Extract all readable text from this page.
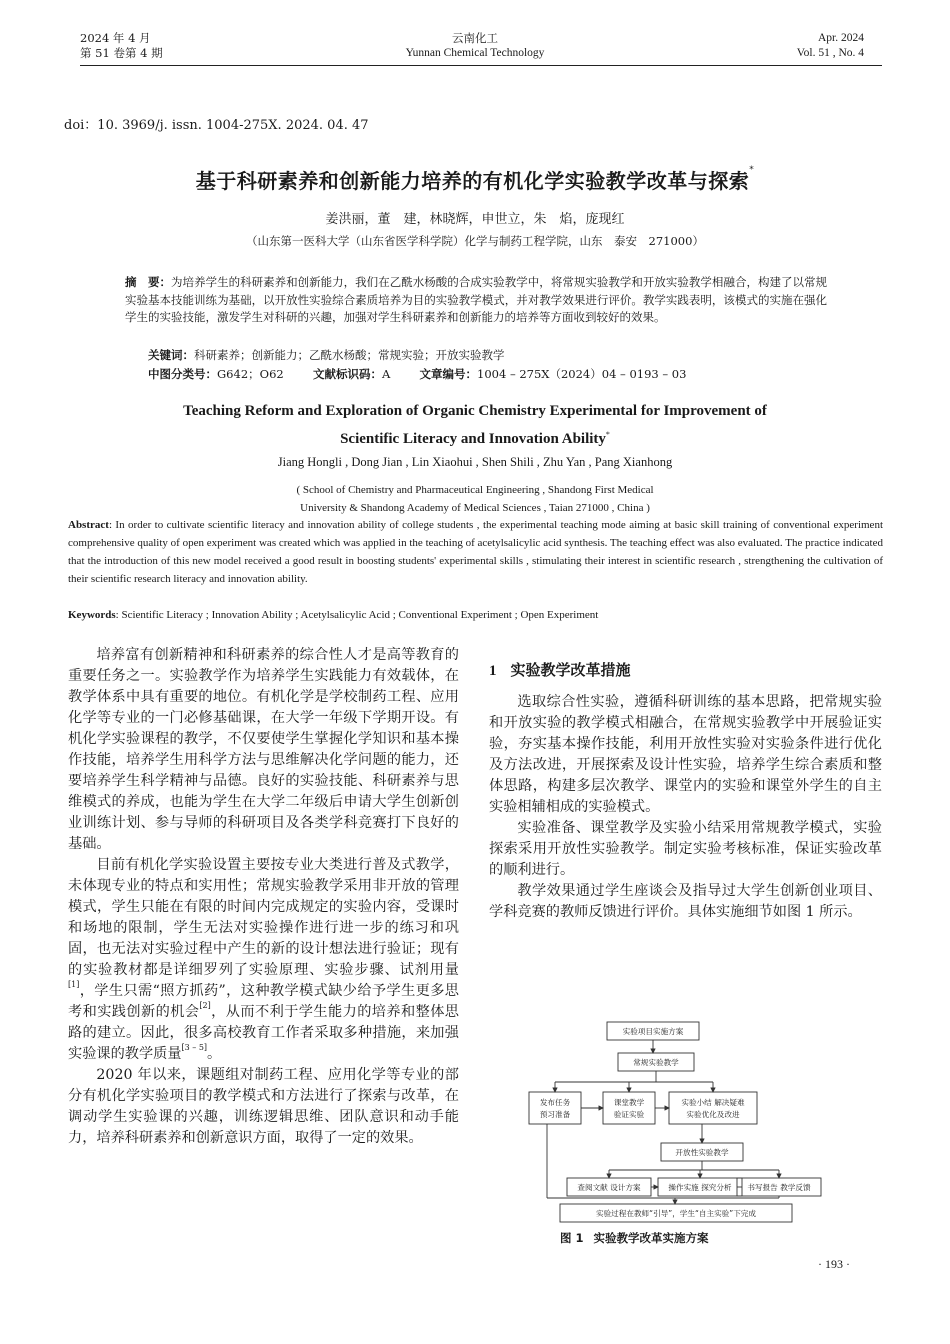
2024 年 4 月
第 51 卷第 4 期
云南化工
Yunnan Chemical Technology
Apr. 2024
Vol. 51 , No. 4
doi：10. 3969/j. issn. 1004-275X. 2024. 04. 47
基于科研素养和创新能力培养的有机化学实验教学改革与探索*
姜洪丽，董　建，林晓辉，申世立，朱　焰，庞现红
（山东第一医科大学（山东省医学科学院）化学与制药工程学院，山东　泰安　271000）
摘　要：为培养学生的科研素养和创新能力，我们在乙酰水杨酸的合成实验教学中，将常规实验教学和开放实验教学相融合，构建了以常规实验基本技能训练为基础，以开放性实验综合素质培养为目的实验教学模式，并对教学效果进行评价。教学实践表明，该模式的实施在强化学生的实验技能，激发学生对科研的兴趣，加强对学生科研素养和创新能力的培养等方面收到较好的效果。
关键词：科研素养；创新能力；乙酰水杨酸；常规实验；开放实验教学
中图分类号：G642；O62	文献标识码：A	文章编号：1004 – 275X（2024）04 – 0193 – 03
Teaching Reform and Exploration of Organic Chemistry Experimental for Improvement of Scientific Literacy and Innovation Ability*
Jiang Hongli , Dong Jian , Lin Xiaohui , Shen Shili , Zhu Yan , Pang Xianhong
( School of Chemistry and Pharmaceutical Engineering , Shandong First Medical
University & Shandong Academy of Medical Sciences , Taian 271000 , China )
Abstract: In order to cultivate scientific literacy and innovation ability of college students , the experimental teaching mode aiming at basic skill training of conventional experiment comprehensive quality of open experiment was created which was applied in the teaching of acetylsalicylic acid synthesis. The teaching effect was also evaluated. The practice indicated that the introduction of this new model received a good result in boosting students' experimental skills , stimulating their interest in scientific research , strengthening the cultivation of their scientific research literacy and innovation ability.
Keywords: Scientific Literacy ; Innovation Ability ; Acetylsalicylic Acid ; Conventional Experiment ; Open Experiment

培养富有创新精神和科研素养的综合性人才是高等教育的重要任务之一。实验教学作为培养学生实践能力有效载体，在教学体系中具有重要的地位。有机化学是学校制药工程、应用化学等专业的一门必修基础课，在大学一年级下学期开设。有机化学实验课程的教学，不仅要使学生掌握化学知识和基本操作技能，培养学生用科学方法与思维解决化学问题的能力，还要培养学生科学精神与品德。良好的实验技能、科研素养与思维模式的养成，也能为学生在大学二年级后申请大学生创新创业训练计划、参与导师的科研项目及各类学科竞赛打下良好的基础。

目前有机化学实验设置主要按专业大类进行普及式教学，未体现专业的特点和实用性；常规实验教学采用非开放的管理模式，学生只能在有限的时间内完成规定的实验内容，受课时和场地的限制，学生无法对实验操作进行进一步的练习和巩固，也无法对实验过程中产生的新的设计想法进行验证；现有的实验教材都是详细罗列了实验原理、实验步骤、试剂用量[1]，学生只需“照方抓药”，这种教学模式缺少给予学生更多思考和实践创新的机会[2]，从而不利于学生能力的培养和整体思路的建立。因此，很多高校教育工作者采取多种措施，来加强实验课的教学质量[3 – 5]。

2020 年以来，课题组对制药工程、应用化学等专业的部分有机化学实验项目的教学模式和方法进行了探索与改革，在调动学生实验课的兴趣，训练逻辑思维、团队意识和动手能力，培养科研素养和创新意识方面，取得了一定的效果。

1 实验教学改革措施

选取综合性实验，遵循科研训练的基本思路，把常规实验和开放实验的教学模式相融合，在常规实验教学中开展验证实验，夯实基本操作技能，利用开放性实验对实验条件进行优化及方法改进，开展探索及设计性实验，培养学生综合素质和整体思路，构建多层次教学、课堂内的实验和课堂外学生的自主实验相辅相成的实验模式。

实验准备、课堂教学及实验小结采用常规教学模式，实验探索采用开放性实验教学。制定实验考核标准，保证实验改革的顺利进行。

教学效果通过学生座谈会及指导过大学生创新创业项目、学科竞赛的教师反馈进行评价。具体实施细节如图 1 所示。

实验项目实施方案
常规实验教学
发布任务
预习准备
课堂教学
验证实验
实验小结 解决疑难
实验优化及改进
开放性实验教学
查阅文献 设计方案	操作实施 探究分析 书写报告 教学反馈
实验过程在教师“引导”，学生“自主实验”下完成
图 1 实验教学改革实施方案
· 193 ·
